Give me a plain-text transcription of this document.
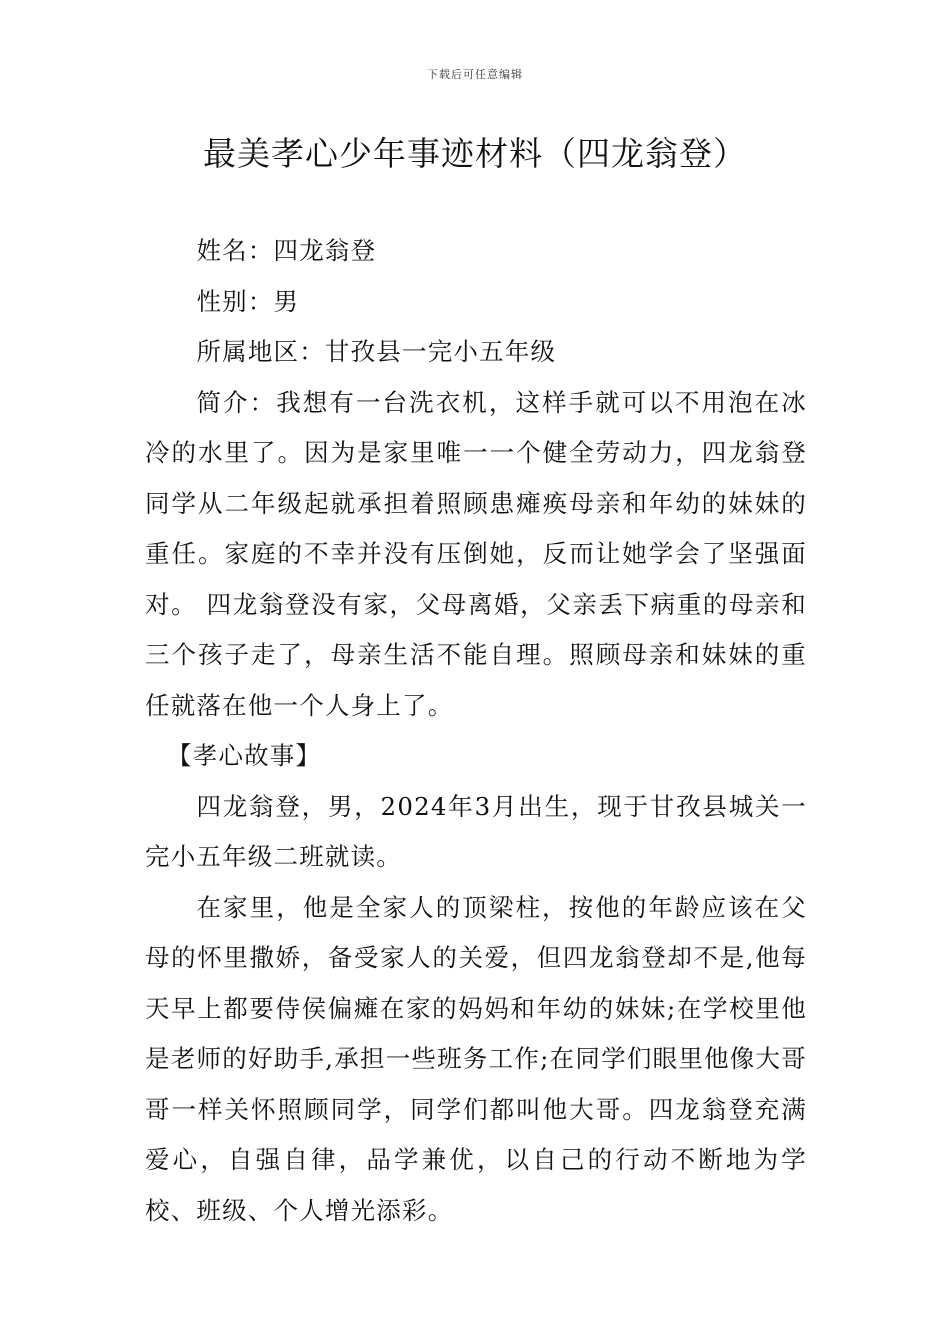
下载后可任意编辑
最美孝心少年事迹材料（四龙翁登）

姓名：四龙翁登

性别：男

所属地区：甘孜县一完小五年级

简介：我想有一台洗衣机，这样手就可以不用泡在冰冷的水里了。因为是家里唯一一个健全劳动力，四龙翁登同学从二年级起就承担着照顾患瘫痪母亲和年幼的妹妹的重任。家庭的不幸并没有压倒她，反而让她学会了坚强面对。 四龙翁登没有家，父母离婚，父亲丢下病重的母亲和三个孩子走了，母亲生活不能自理。照顾母亲和妹妹的重任就落在他一个人身上了。

【孝心故事】

四龙翁登，男，2024年3月出生，现于甘孜县城关一完小五年级二班就读。

在家里，他是全家人的顶梁柱，按他的年龄应该在父母的怀里撒娇，备受家人的关爱，但四龙翁登却不是,他每天早上都要侍侯偏瘫在家的妈妈和年幼的妹妹;在学校里他是老师的好助手,承担一些班务工作;在同学们眼里他像大哥哥一样关怀照顾同学，同学们都叫他大哥。四龙翁登充满爱心，自强自律，品学兼优，以自己的行动不断地为学校、班级、个人增光添彩。
